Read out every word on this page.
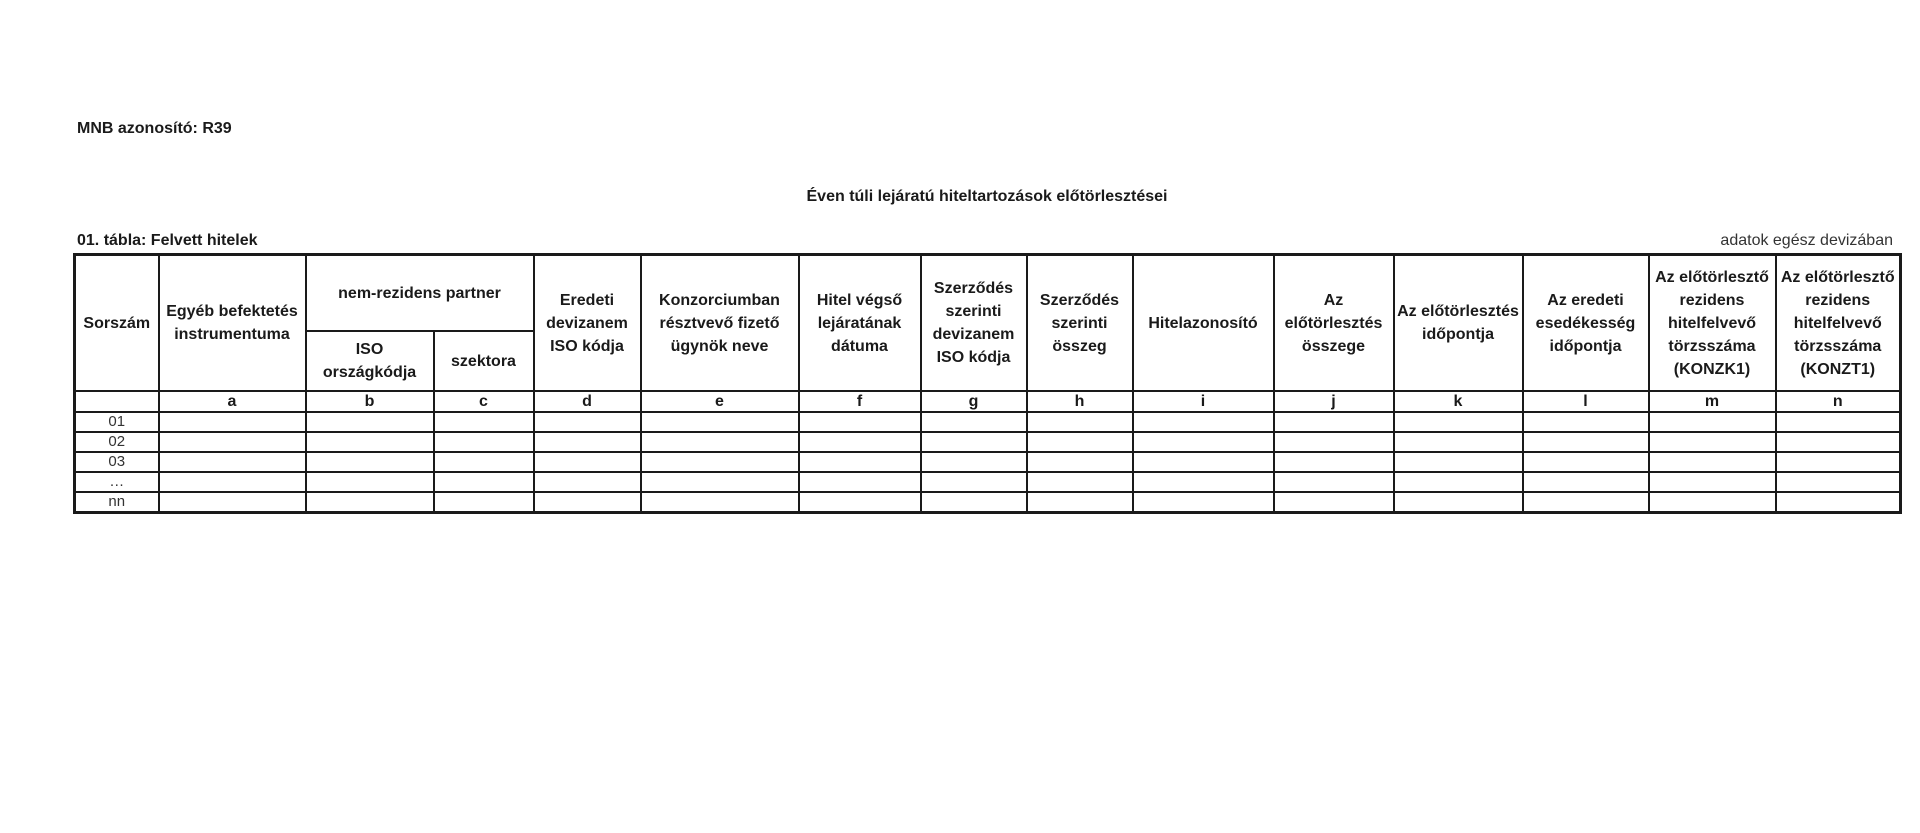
MNB azonosító: R39
Éven túli lejáratú hiteltartozások előtörlesztései
01. tábla: Felvett hitelek	adatok egész devizában
Sorszám	Egyéb befektetés instrumentuma	nem-rezidens partner		Eredeti devizanem ISO kódja	Konzorciumban résztvevő fizető ügynök neve	Hitel végső lejáratának dátuma	Szerződés szerinti devizanem ISO kódja	Szerződés szerinti összeg	Hitelazonosító	Az előtörlesztés összege	Az előtörlesztés időpontja	Az eredeti esedékesség időpontja	Az előtörlesztő rezidens hitelfelvevő törzsszáma (KONZK1)	Az előtörlesztő rezidens hitelfelvevő törzsszáma (KONZT1)
		ISO országkódja	szektora											
	a	b	c	d	e	f	g	h	i	j	k	l	m	n
01														
02														
03														
…														
nn														
